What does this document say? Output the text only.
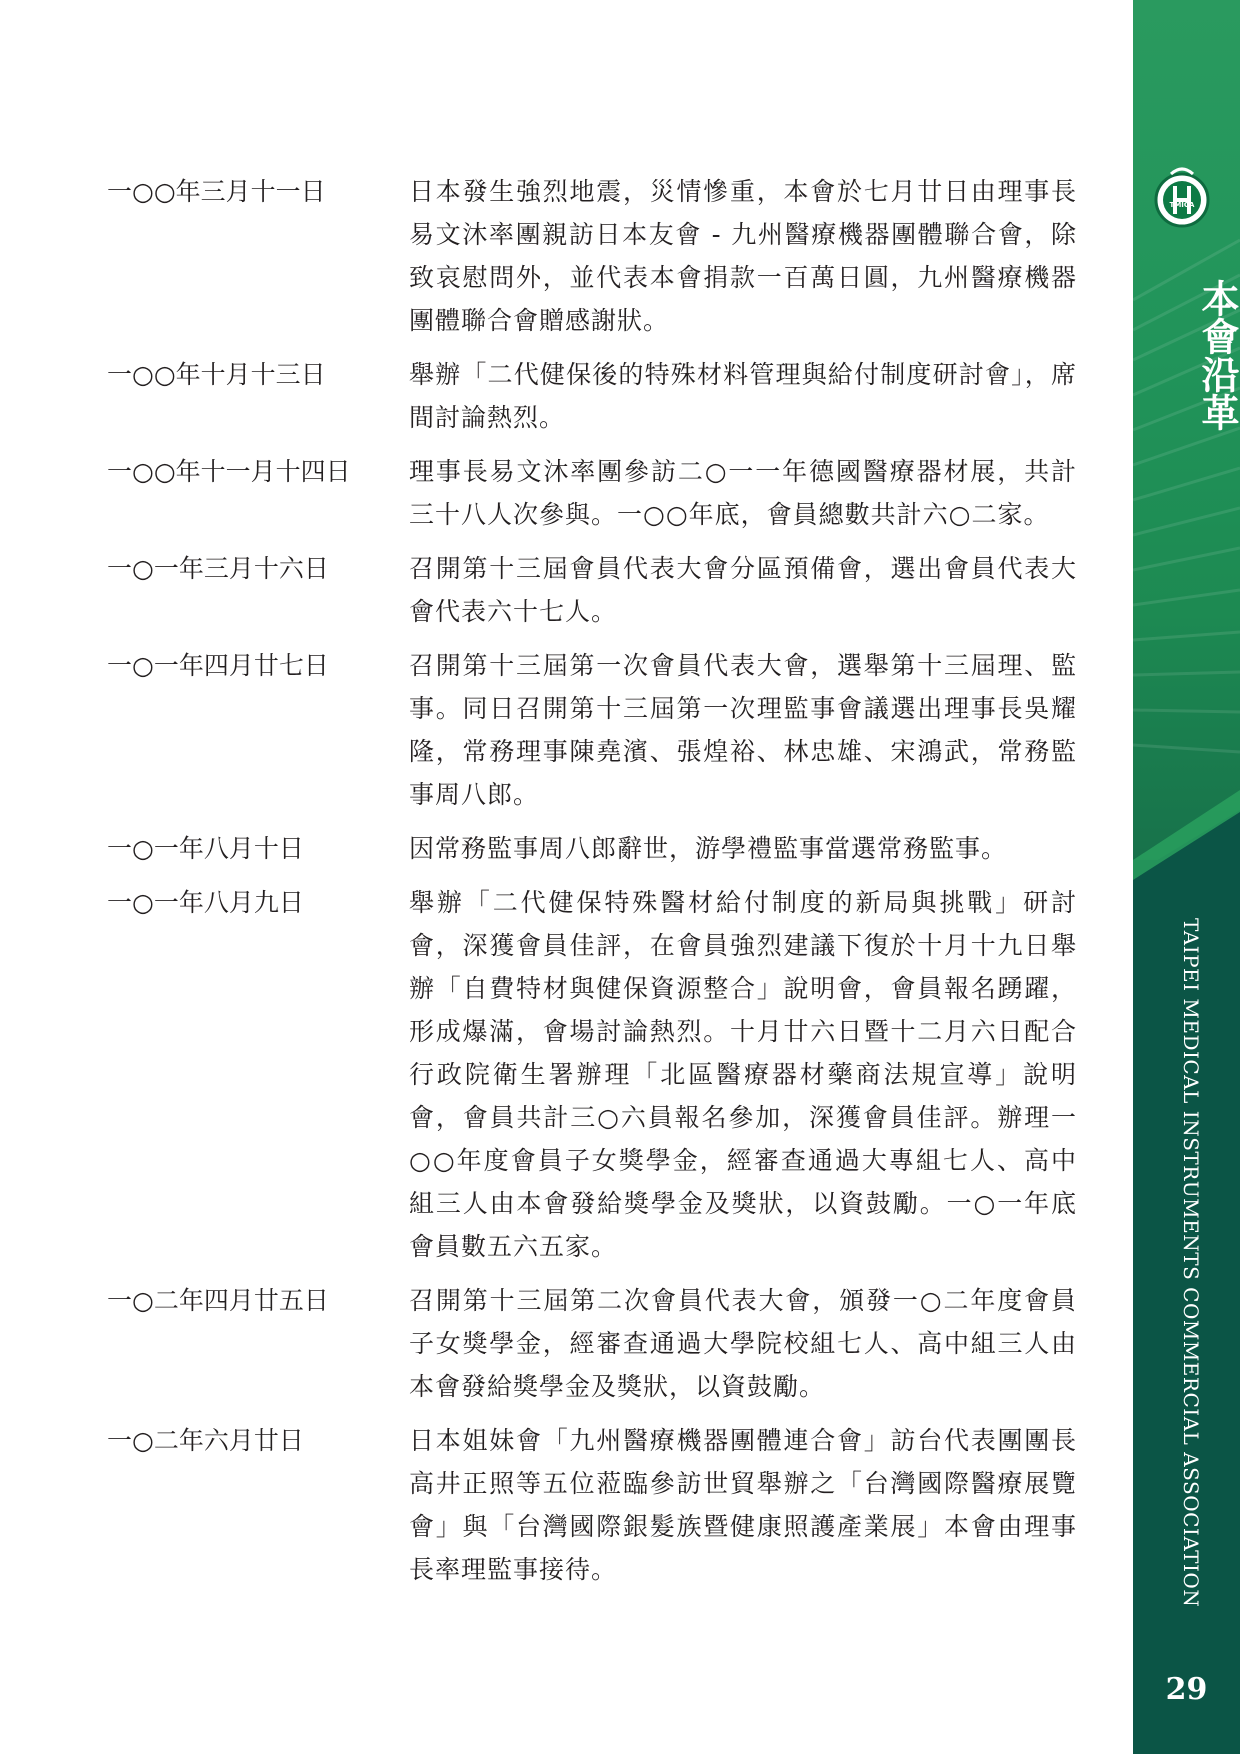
一○○年三月十一日	日本發生強烈地震，災情慘重，本會於七月廿日由理事長易文沐率團親訪日本友會 - 九州醫療機器團體聯合會，除致哀慰問外，並代表本會捐款一百萬日圓，九州醫療機器團體聯合會贈感謝狀。
一○○年十月十三日	舉辦「二代健保後的特殊材料管理與給付制度研討會」，席間討論熱烈。
一○○年十一月十四日	理事長易文沐率團參訪二○一一年德國醫療器材展，共計三十八人次參與。一○○年底，會員總數共計六○二家。
一○一年三月十六日	召開第十三屆會員代表大會分區預備會，選出會員代表大會代表六十七人。
一○一年四月廿七日	召開第十三屆第一次會員代表大會，選舉第十三屆理、監事。同日召開第十三屆第一次理監事會議選出理事長吳耀隆，常務理事陳堯濱、張煌裕、林忠雄、宋鴻武，常務監事周八郎。
一○一年八月十日	因常務監事周八郎辭世，游學禮監事當選常務監事。
一○一年八月九日	舉辦「二代健保特殊醫材給付制度的新局與挑戰」研討會，深獲會員佳評，在會員強烈建議下復於十月十九日舉辦「自費特材與健保資源整合」說明會，會員報名踴躍，形成爆滿，會場討論熱烈。十月廿六日暨十二月六日配合行政院衛生署辦理「北區醫療器材藥商法規宣導」說明會，會員共計三○六員報名參加，深獲會員佳評。辦理一○○年度會員子女獎學金，經審查通過大專組七人、高中組三人由本會發給獎學金及獎狀，以資鼓勵。一○一年底會員數五六五家。
一○二年四月廿五日	召開第十三屆第二次會員代表大會，頒發一○二年度會員子女獎學金，經審查通過大學院校組七人、高中組三人由本會發給獎學金及獎狀，以資鼓勵。
一○二年六月廿日	日本姐妹會「九州醫療機器團體連合會」訪台代表團團長高井正照等五位蒞臨參訪世貿舉辦之「台灣國際醫療展覽會」與「台灣國際銀髮族暨健康照護產業展」本會由理事長率理監事接待。
TMICA
本會沿革
TAIPEI MEDICAL INSTRUMENTS COMMERCIAL ASSOCIATION
29
